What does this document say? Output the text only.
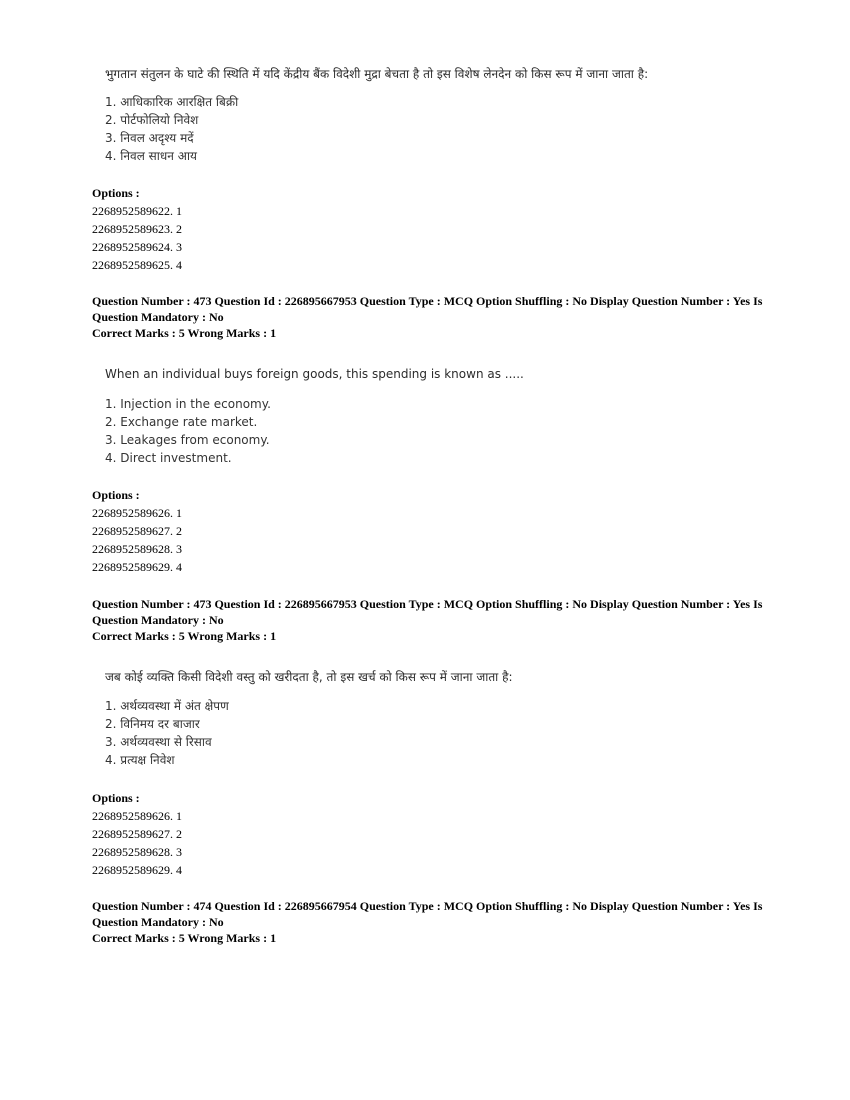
भुगतान संतुलन के घाटे की स्थिति में यदि केंद्रीय बैंक विदेशी मुद्रा बेचता है तो इस विशेष लेनदेन को किस रूप में जाना जाता है:
1. आधिकारिक आरक्षित बिक्री
2. पोर्टफोलियो निवेश
3. निवल अदृश्य मदें
4. निवल साधन आय
Options :
2268952589622. 1
2268952589623. 2
2268952589624. 3
2268952589625. 4
Question Number : 473 Question Id : 226895667953 Question Type : MCQ Option Shuffling : No Display Question Number : Yes Is
Question Mandatory : No
Correct Marks : 5 Wrong Marks : 1
When an individual buys foreign goods, this spending is known as .....
1. Injection in the economy.
2. Exchange rate market.
3. Leakages from economy.
4. Direct investment.
Options :
2268952589626. 1
2268952589627. 2
2268952589628. 3
2268952589629. 4
Question Number : 473 Question Id : 226895667953 Question Type : MCQ Option Shuffling : No Display Question Number : Yes Is
Question Mandatory : No
Correct Marks : 5 Wrong Marks : 1
जब कोई व्यक्ति किसी विदेशी वस्तु को खरीदता है, तो इस खर्च को किस रूप में जाना जाता है:
1. अर्थव्यवस्था में अंत क्षेपण
2. विनिमय दर बाजार
3. अर्थव्यवस्था से रिसाव
4. प्रत्यक्ष निवेश
Options :
2268952589626. 1
2268952589627. 2
2268952589628. 3
2268952589629. 4
Question Number : 474 Question Id : 226895667954 Question Type : MCQ Option Shuffling : No Display Question Number : Yes Is
Question Mandatory : No
Correct Marks : 5 Wrong Marks : 1
